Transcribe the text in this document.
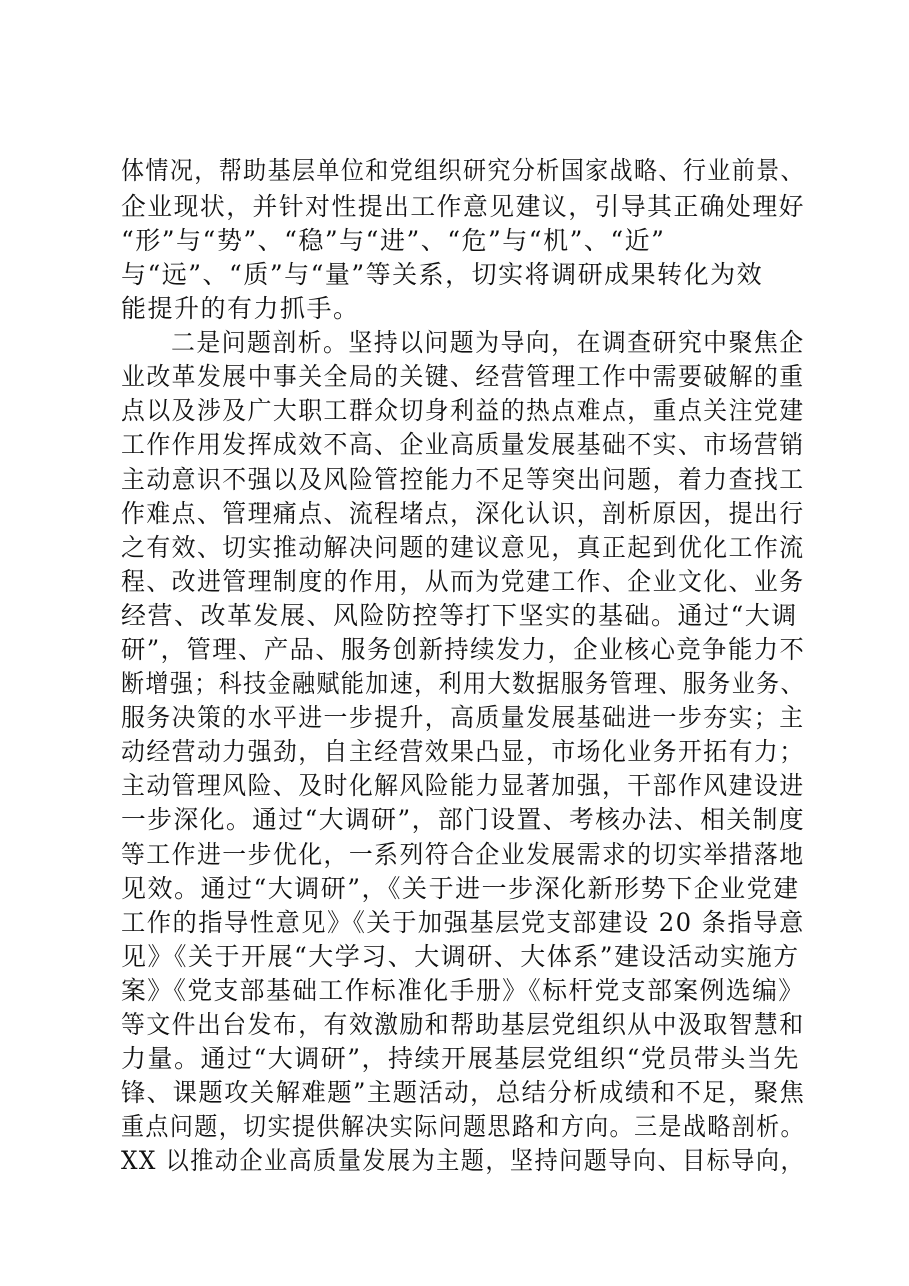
体情况，帮助基层单位和党组织研究分析国家战略、行业前景、
企业现状，并针对性提出工作意见建议，引导其正确处理好
“形”与“势”、“稳”与“进”、“危”与“机”、“近”
与“远”、“质”与“量”等关系，切实将调研成果转化为效
能提升的有力抓手。
二是问题剖析。坚持以问题为导向，在调查研究中聚焦企
业改革发展中事关全局的关键、经营管理工作中需要破解的重
点以及涉及广大职工群众切身利益的热点难点，重点关注党建
工作作用发挥成效不高、企业高质量发展基础不实、市场营销
主动意识不强以及风险管控能力不足等突出问题，着力查找工
作难点、管理痛点、流程堵点，深化认识，剖析原因，提出行
之有效、切实推动解决问题的建议意见，真正起到优化工作流
程、改进管理制度的作用，从而为党建工作、企业文化、业务
经营、改革发展、风险防控等打下坚实的基础。通过“大调
研”，管理、产品、服务创新持续发力，企业核心竞争能力不
断增强；科技金融赋能加速，利用大数据服务管理、服务业务、
服务决策的水平进一步提升，高质量发展基础进一步夯实；主
动经营动力强劲，自主经营效果凸显，市场化业务开拓有力；
主动管理风险、及时化解风险能力显著加强，干部作风建设进
一步深化。通过“大调研”，部门设置、考核办法、相关制度
等工作进一步优化，一系列符合企业发展需求的切实举措落地
见效。通过“大调研”，《关于进一步深化新形势下企业党建
工作的指导性意见》《关于加强基层党支部建设 20 条指导意
见》《关于开展“大学习、大调研、大体系”建设活动实施方
案》《党支部基础工作标准化手册》《标杆党支部案例选编》
等文件出台发布，有效激励和帮助基层党组织从中汲取智慧和
力量。通过“大调研”，持续开展基层党组织“党员带头当先
锋、课题攻关解难题”主题活动，总结分析成绩和不足，聚焦
重点问题，切实提供解决实际问题思路和方向。三是战略剖析。
XX 以推动企业高质量发展为主题，坚持问题导向、目标导向，
